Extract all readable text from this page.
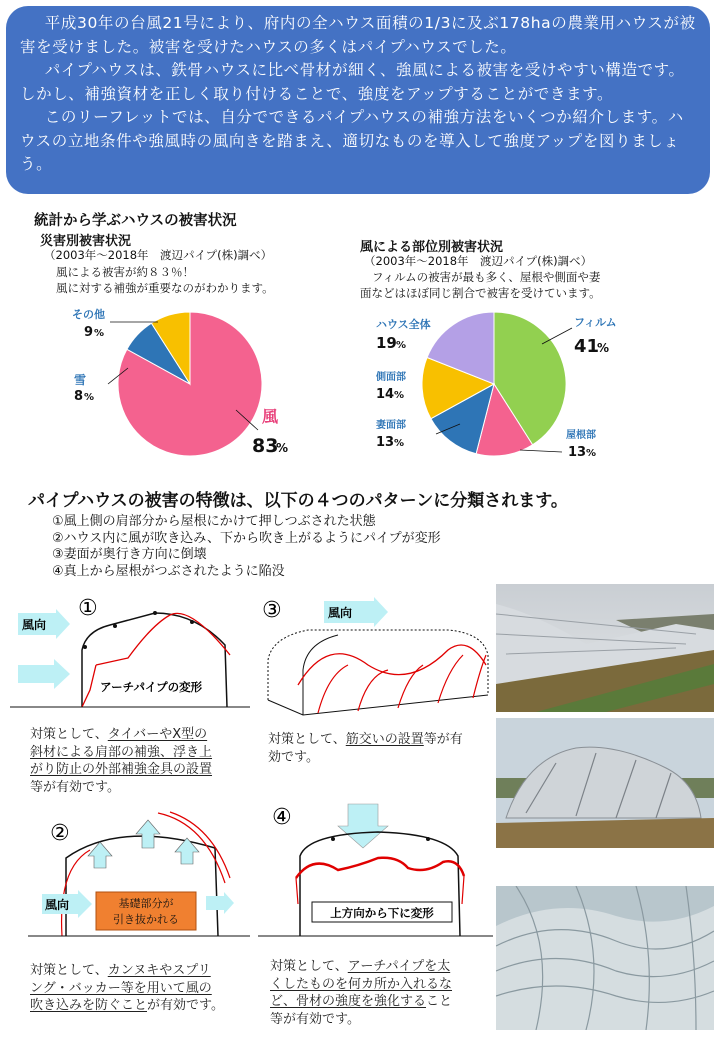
平成30年の台風21号により、府内の全ハウス面積の1/3に及ぶ178haの農業用ハウスが被害を受けました。被害を受けたハウスの多くはパイプハウスでした。

パイプハウスは、鉄骨ハウスに比べ骨材が細く、強風による被害を受けやすい構造です。しかし、補強資材を正しく取り付けることで、強度をアップすることができます。

このリーフレットでは、自分でできるパイプハウスの補強方法をいくつか紹介します。ハウスの立地条件や強風時の風向きを踏まえ、適切なものを導入して強度アップを図りましょう。

統計から学ぶハウスの被害状況
災害別被害状況
（2003年〜2018年　渡辺パイプ(株)調べ）
風による被害が約８３％！
風に対する補強が重要なのがわかります。
風による部位別被害状況
（2003年〜2018年　渡辺パイプ(株)調べ）
フィルムの被害が最も多く、屋根や側面や妻
面などはほぼ同じ割合で被害を受けています。
風
83
%
雪
8 %
その他
9 %
フィルム
41
%
屋根部
13 %
妻面部
13 %
側面部
14 %
ハウス全体
19 %
パイプハウスの被害の特徴は、以下の４つのパターンに分類されます。
①風上側の肩部分から屋根にかけて押しつぶされた状態
②ハウス内に風が吹き込み、下から吹き上がるようにパイプが変形
③妻面が奥行き方向に倒壊
④真上から屋根がつぶされたように陥没
風向
①
アーチパイプの変形
③	風向
②
風向	基礎部分が
引き抜かれる
④
上方向から下に変形
対策として、タイバーやX型の
斜材による肩部の補強、浮き上
がり防止の外部補強金具の設置
等が有効です。
対策として、筋交いの設置等が有
効です。
対策として、カンヌキやスプリ
ング・バッカー等を用いて風の
吹き込みを防ぐことが有効です。
対策として、アーチパイプを太
くしたものを何カ所か入れるな
ど、骨材の強度を強化すること
等が有効です。
